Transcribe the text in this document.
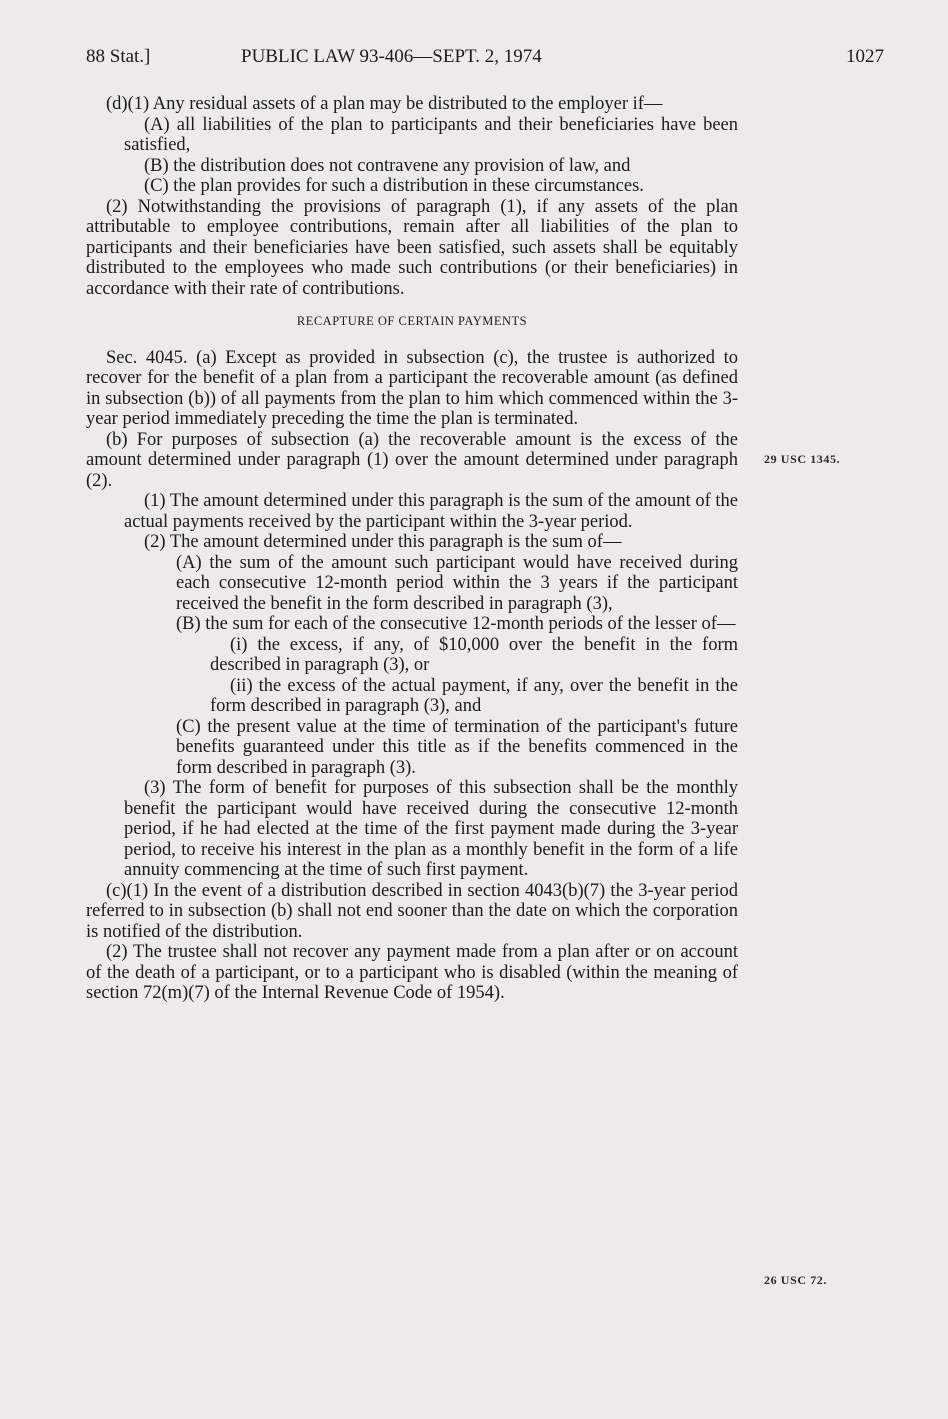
88 Stat.]	PUBLIC LAW 93-406—SEPT. 2, 1974	1027

(d)(1) Any residual assets of a plan may be distributed to the employer if—

(A) all liabilities of the plan to participants and their beneficiaries have been satisfied,

(B) the distribution does not contravene any provision of law, and

(C) the plan provides for such a distribution in these circumstances.

(2) Notwithstanding the provisions of paragraph (1), if any assets of the plan attributable to employee contributions, remain after all liabilities of the plan to participants and their beneficiaries have been satisfied, such assets shall be equitably distributed to the employees who made such contributions (or their beneficiaries) in accordance with their rate of contributions.

RECAPTURE OF CERTAIN PAYMENTS

Sec. 4045. (a) Except as provided in subsection (c), the trustee is authorized to recover for the benefit of a plan from a participant the recoverable amount (as defined in subsection (b)) of all payments from the plan to him which commenced within the 3-year period immediately preceding the time the plan is terminated.

(b) For purposes of subsection (a) the recoverable amount is the excess of the amount determined under paragraph (1) over the amount determined under paragraph (2).

(1) The amount determined under this paragraph is the sum of the amount of the actual payments received by the participant within the 3-year period.

(2) The amount determined under this paragraph is the sum of—

(A) the sum of the amount such participant would have received during each consecutive 12-month period within the 3 years if the participant received the benefit in the form described in paragraph (3),

(B) the sum for each of the consecutive 12-month periods of the lesser of—

(i) the excess, if any, of $10,000 over the benefit in the form described in paragraph (3), or

(ii) the excess of the actual payment, if any, over the benefit in the form described in paragraph (3), and

(C) the present value at the time of termination of the participant's future benefits guaranteed under this title as if the benefits commenced in the form described in paragraph (3).

(3) The form of benefit for purposes of this subsection shall be the monthly benefit the participant would have received during the consecutive 12-month period, if he had elected at the time of the first payment made during the 3-year period, to receive his interest in the plan as a monthly benefit in the form of a life annuity commencing at the time of such first payment.

(c)(1) In the event of a distribution described in section 4043(b)(7) the 3-year period referred to in subsection (b) shall not end sooner than the date on which the corporation is notified of the distribution.

(2) The trustee shall not recover any payment made from a plan after or on account of the death of a participant, or to a participant who is disabled (within the meaning of section 72(m)(7) of the Internal Revenue Code of 1954).

29 USC 1345.
26 USC 72.
